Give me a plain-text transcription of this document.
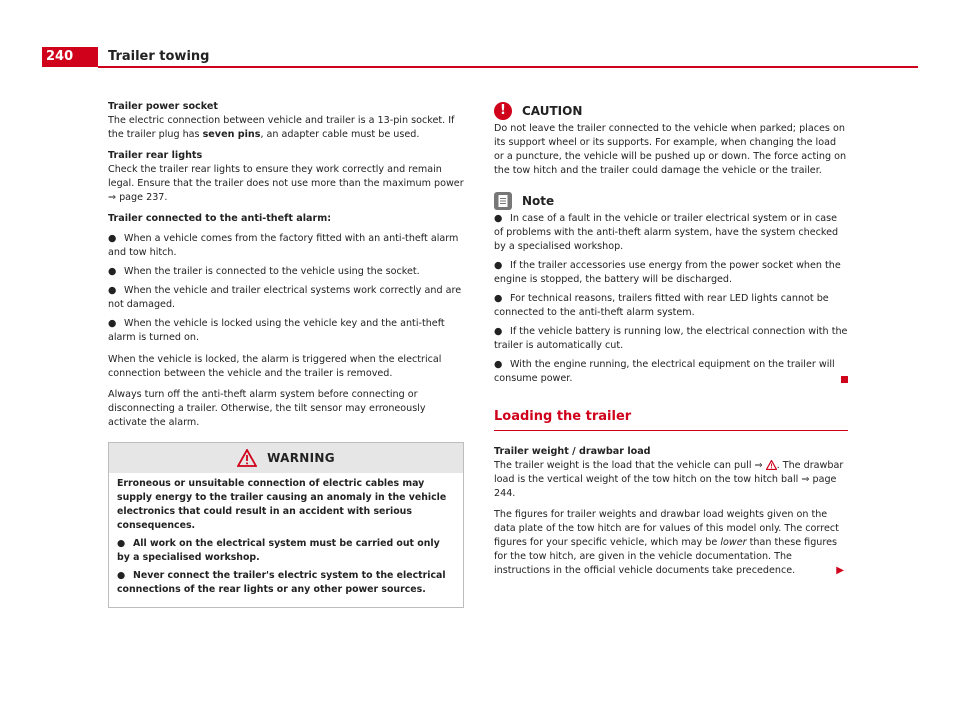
240	Trailer towing

Trailer power socket

The electric connection between vehicle and trailer is a 13-pin socket. If the trailer plug has seven pins, an adapter cable must be used.

Trailer rear lights

Check the trailer rear lights to ensure they work correctly and remain legal. Ensure that the trailer does not use more than the maximum power ⇒ page 237.

Trailer connected to the anti-theft alarm:

● When a vehicle comes from the factory fitted with an anti-theft alarm and tow hitch.

● When the trailer is connected to the vehicle using the socket.

● When the vehicle and trailer electrical systems work correctly and are not damaged.

● When the vehicle is locked using the vehicle key and the anti-theft alarm is turned on.

When the vehicle is locked, the alarm is triggered when the electrical connection between the vehicle and the trailer is removed.

Always turn off the anti-theft alarm system before connecting or disconnecting a trailer. Otherwise, the tilt sensor may erroneously activate the alarm.

WARNING

Erroneous or unsuitable connection of electric cables may supply energy to the trailer causing an anomaly in the vehicle electronics that could result in an accident with serious consequences.

● All work on the electrical system must be carried out only by a specialised workshop.

● Never connect the trailer's electric system to the electrical connections of the rear lights or any other power sources.

!	CAUTION

Do not leave the trailer connected to the vehicle when parked; places on its support wheel or its supports. For example, when changing the load or a puncture, the vehicle will be pushed up or down. The force acting on the tow hitch and the trailer could damage the vehicle or the trailer.

Note

● In case of a fault in the vehicle or trailer electrical system or in case of problems with the anti-theft alarm system, have the system checked by a specialised workshop.

● If the trailer accessories use energy from the power socket when the engine is stopped, the battery will be discharged.

● For technical reasons, trailers fitted with rear LED lights cannot be connected to the anti-theft alarm system.

● If the vehicle battery is running low, the electrical connection with the trailer is automatically cut.

● With the engine running, the electrical equipment on the trailer will consume power.

Loading the trailer

Trailer weight / drawbar load

The trailer weight is the load that the vehicle can pull ⇒ . The drawbar load is the vertical weight of the tow hitch on the tow hitch ball ⇒ page 244.

The figures for trailer weights and drawbar load weights given on the data plate of the tow hitch are for values of this model only. The correct figures for your specific vehicle, which may be lower than these figures for the tow hitch, are given in the vehicle documentation. The instructions in the official vehicle documents take precedence.	▶
